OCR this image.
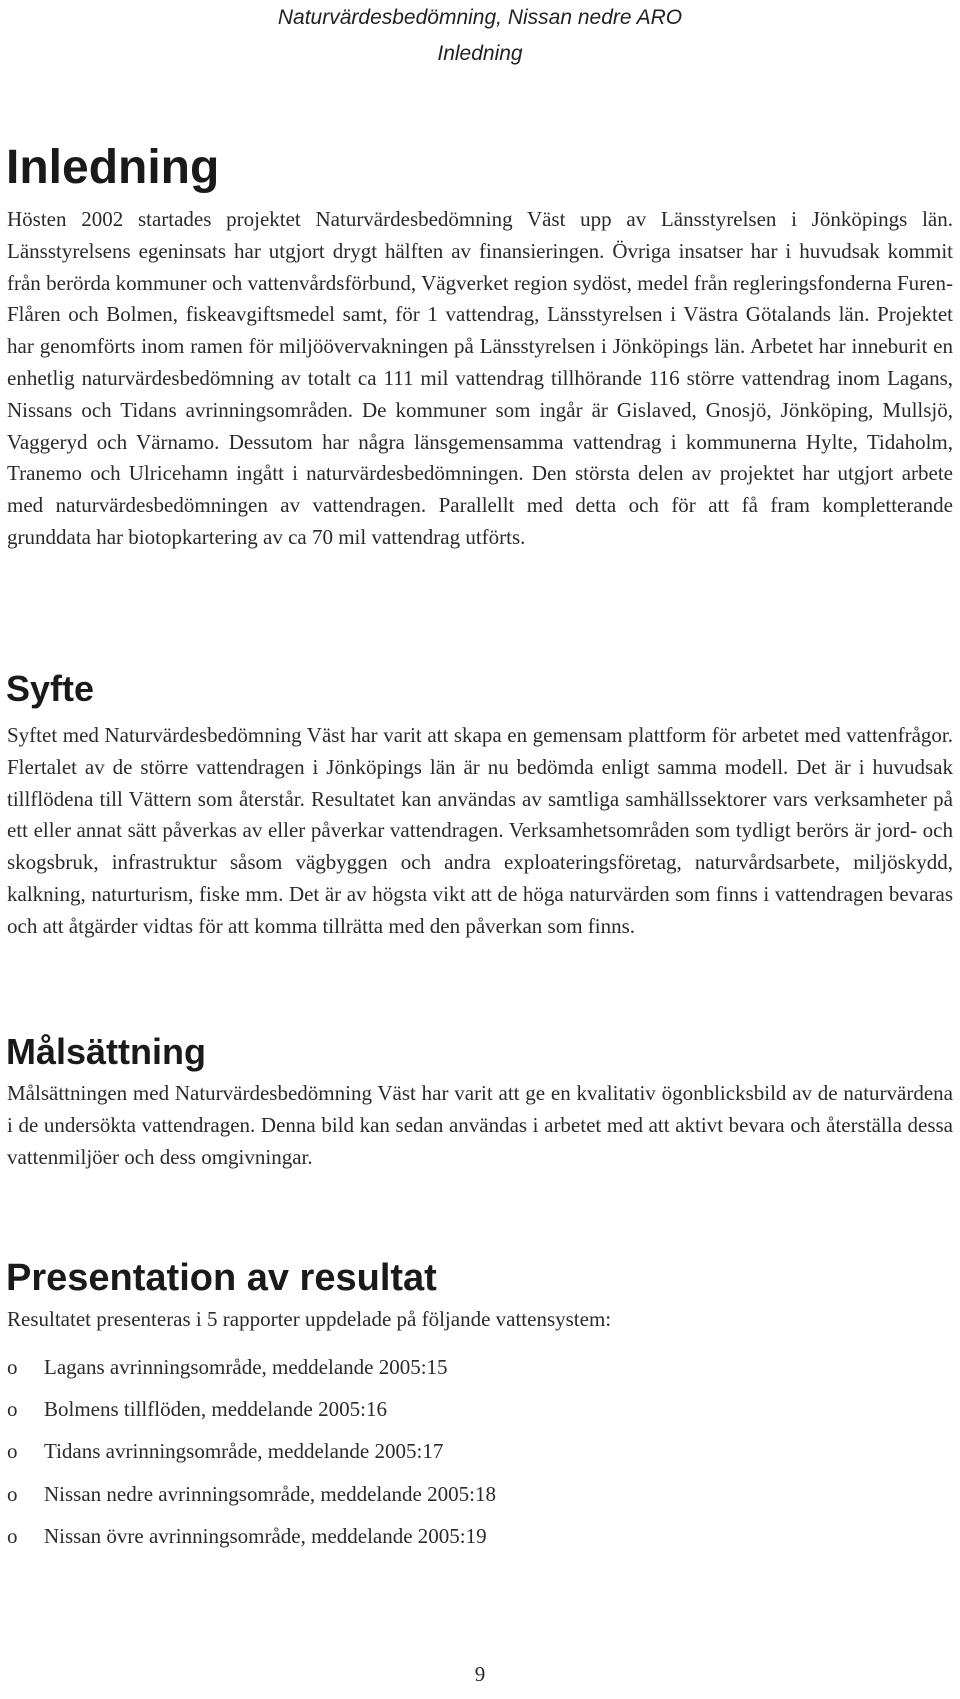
Naturvärdesbedömning, Nissan nedre ARO
Inledning
Inledning

Hösten 2002 startades projektet Naturvärdesbedömning Väst upp av Länsstyrelsen i Jönköpings län. Länsstyrelsens egeninsats har utgjort drygt hälften av finansieringen. Övriga insatser har i huvudsak kommit från berörda kommuner och vattenvårdsförbund, Vägverket region sydöst, medel från regleringsfonderna Furen-Flåren och Bolmen, fiskeavgiftsmedel samt, för 1 vattendrag, Länsstyrelsen i Västra Götalands län. Projektet har genomförts inom ramen för miljöövervakningen på Länsstyrelsen i Jönköpings län. Arbetet har inneburit en enhetlig naturvärdesbedömning av totalt ca 111 mil vattendrag tillhörande 116 större vattendrag inom Lagans, Nissans och Tidans avrinningsområden. De kommuner som ingår är Gislaved, Gnosjö, Jönköping, Mullsjö, Vaggeryd och Värnamo. Dessutom har några länsgemensamma vattendrag i kommunerna Hylte, Tidaholm, Tranemo och Ulricehamn ingått i naturvärdesbedömningen. Den största delen av projektet har utgjort arbete med naturvärdesbedömningen av vattendragen. Parallellt med detta och för att få fram kompletterande grunddata har biotopkartering av ca 70 mil vattendrag utförts.

Syfte

Syftet med Naturvärdesbedömning Väst har varit att skapa en gemensam plattform för arbetet med vattenfrågor. Flertalet av de större vattendragen i Jönköpings län är nu bedömda enligt samma modell. Det är i huvudsak tillflödena till Vättern som återstår. Resultatet kan användas av samtliga samhällssektorer vars verksamheter på ett eller annat sätt påverkas av eller påverkar vattendragen. Verksamhetsområden som tydligt berörs är jord- och skogsbruk, infrastruktur såsom vägbyggen och andra exploateringsföretag, naturvårdsarbete, miljöskydd, kalkning, naturturism, fiske mm. Det är av högsta vikt att de höga naturvärden som finns i vattendragen bevaras och att åtgärder vidtas för att komma tillrätta med den påverkan som finns.

Målsättning

Målsättningen med Naturvärdesbedömning Väst har varit att ge en kvalitativ ögonblicksbild av de naturvärdena i de undersökta vattendragen. Denna bild kan sedan användas i arbetet med att aktivt bevara och återställa dessa vattenmiljöer och dess omgivningar.

Presentation av resultat

Resultatet presenteras i 5 rapporter uppdelade på följande vattensystem:

o	Lagans avrinningsområde, meddelande 2005:15
o	Bolmens tillflöden, meddelande 2005:16
o	Tidans avrinningsområde, meddelande 2005:17
o	Nissan nedre avrinningsområde, meddelande 2005:18
o	Nissan övre avrinningsområde, meddelande 2005:19
9
